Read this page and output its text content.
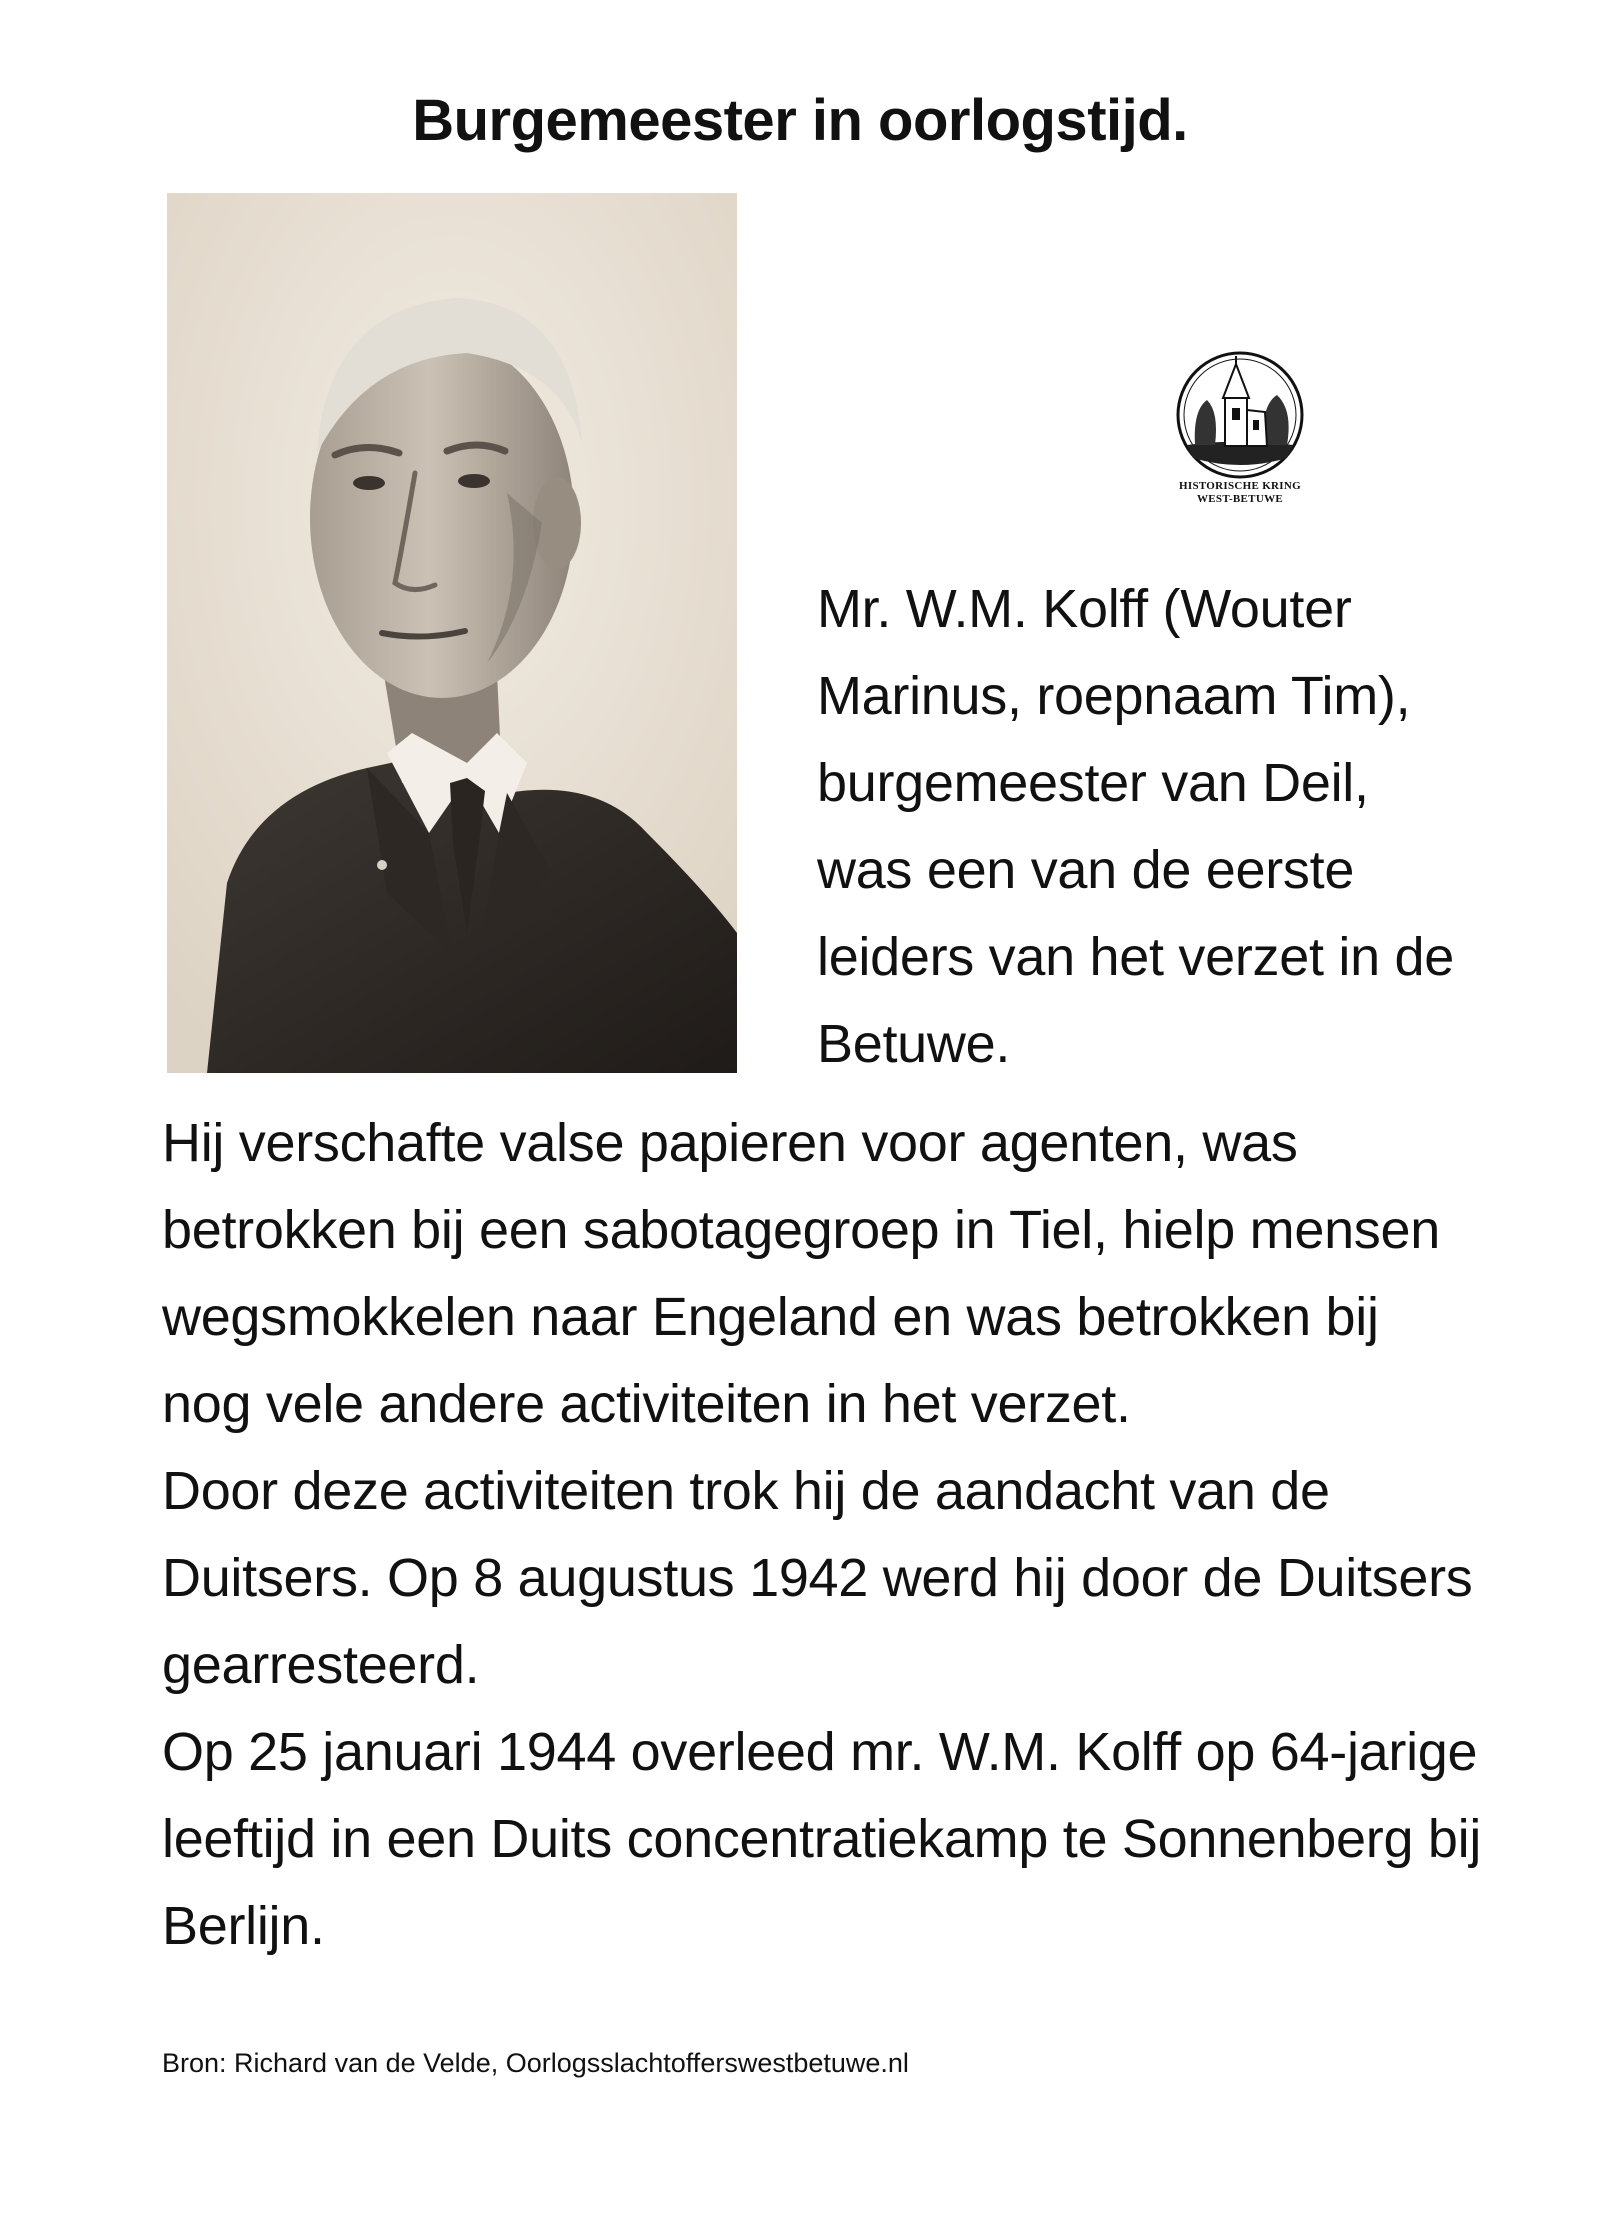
Burgemeester in oorlogstijd.
HISTORISCHE KRING
WEST-BETUWE

Mr. W.M. Kolff (Wouter Marinus, roepnaam Tim), burgemeester van Deil, was een van de eerste leiders van het verzet in de Betuwe.

Hij verschafte valse papieren voor agenten, was betrokken bij een sabotagegroep in Tiel, hielp mensen wegsmokkelen naar Engeland en was betrokken bij nog vele andere activiteiten in het verzet.

Door deze activiteiten trok hij de aandacht van de Duitsers. Op 8 augustus 1942 werd hij door de Duitsers gearresteerd.

Op 25 januari 1944 overleed mr. W.M. Kolff op 64-jarige leeftijd in een Duits concentratiekamp te Sonnenberg bij Berlijn.

Bron: Richard van de Velde, Oorlogsslachtofferswestbetuwe.nl
